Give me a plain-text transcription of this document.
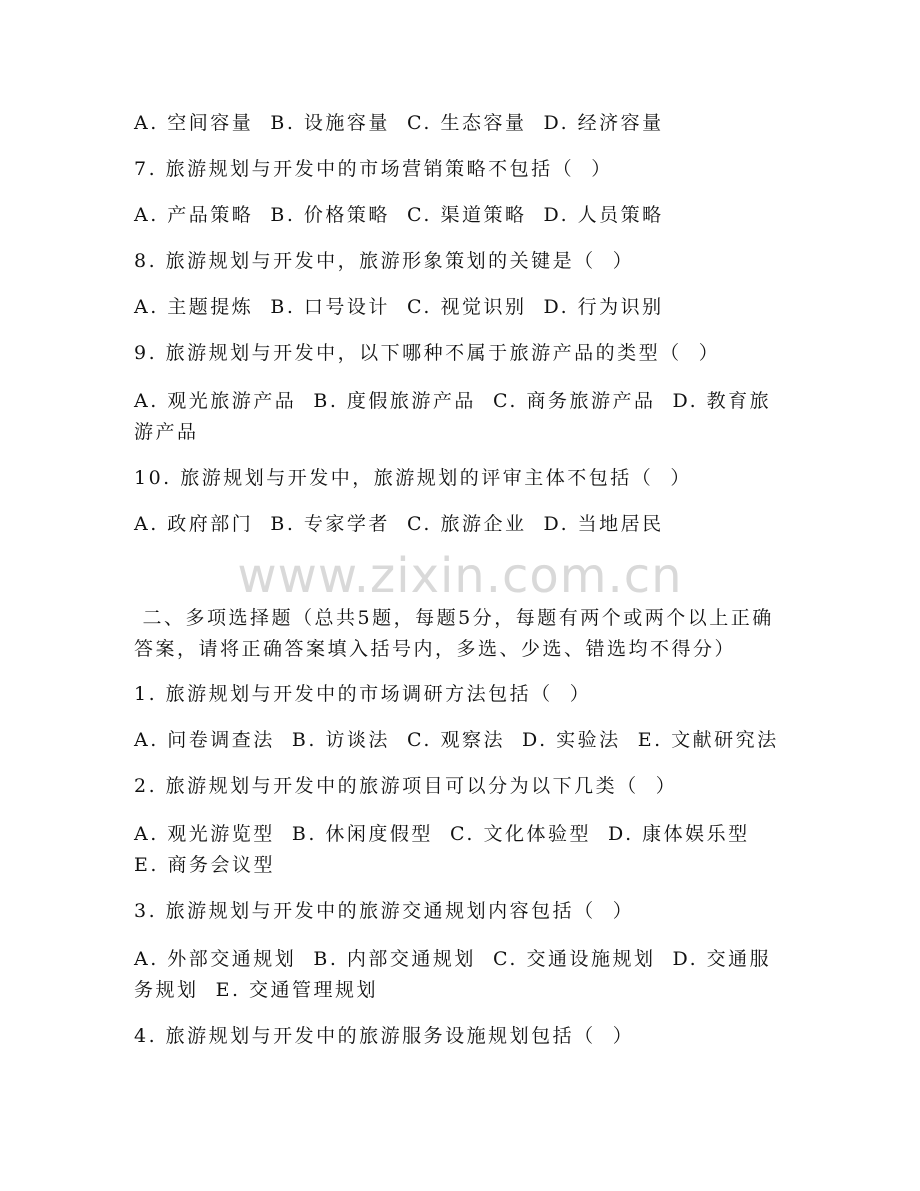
A. 空间容量  B. 设施容量  C. 生态容量  D. 经济容量
7. 旅游规划与开发中的市场营销策略不包括（  ）
A. 产品策略  B. 价格策略  C. 渠道策略  D. 人员策略
8. 旅游规划与开发中，旅游形象策划的关键是（  ）
A. 主题提炼  B. 口号设计  C. 视觉识别  D. 行为识别
9. 旅游规划与开发中，以下哪种不属于旅游产品的类型（  ）
A. 观光旅游产品  B. 度假旅游产品  C. 商务旅游产品  D. 教育旅游产品
10. 旅游规划与开发中，旅游规划的评审主体不包括（  ）
A. 政府部门  B. 专家学者  C. 旅游企业  D. 当地居民
二、多项选择题（总共5题，每题5分，每题有两个或两个以上正确答案，请将正确答案填入括号内，多选、少选、错选均不得分）
1. 旅游规划与开发中的市场调研方法包括（  ）
A. 问卷调查法  B. 访谈法  C. 观察法  D. 实验法  E. 文献研究法
2. 旅游规划与开发中的旅游项目可以分为以下几类（  ）
A. 观光游览型  B. 休闲度假型  C. 文化体验型  D. 康体娱乐型  E. 商务会议型
3. 旅游规划与开发中的旅游交通规划内容包括（  ）
A. 外部交通规划  B. 内部交通规划  C. 交通设施规划  D. 交通服务规划  E. 交通管理规划
4. 旅游规划与开发中的旅游服务设施规划包括（  ）
www.zixin.com.cn
